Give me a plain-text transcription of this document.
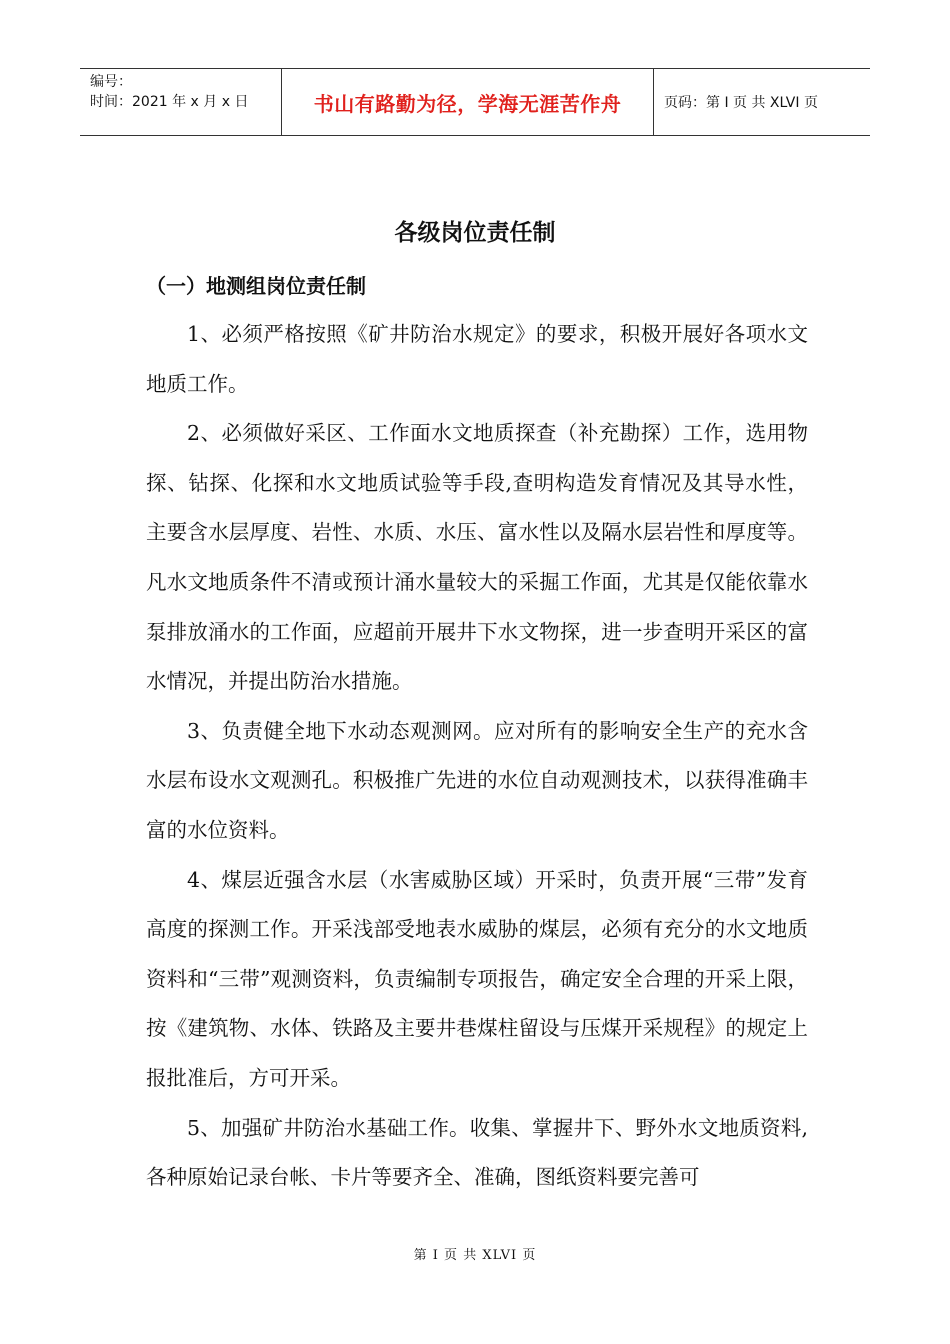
编号：
时间：2021 年 x 月 x 日	书山有路勤为径，学海无涯苦作舟	页码：第 I 页 共 XLVI 页
各级岗位责任制
（一）地测组岗位责任制

1、必须严格按照《矿井防治水规定》的要求，积极开展好各项水文地质工作。

2、必须做好采区、工作面水文地质探查（补充勘探）工作，选用物探、钻探、化探和水文地质试验等手段,查明构造发育情况及其导水性，主要含水层厚度、岩性、水质、水压、富水性以及隔水层岩性和厚度等。凡水文地质条件不清或预计涌水量较大的采掘工作面，尤其是仅能依靠水泵排放涌水的工作面，应超前开展井下水文物探，进一步查明开采区的富水情况，并提出防治水措施。

3、负责健全地下水动态观测网。应对所有的影响安全生产的充水含水层布设水文观测孔。积极推广先进的水位自动观测技术，以获得准确丰富的水位资料。

4、煤层近强含水层（水害威胁区域）开采时，负责开展“三带”发育高度的探测工作。开采浅部受地表水威胁的煤层，必须有充分的水文地质资料和“三带”观测资料，负责编制专项报告，确定安全合理的开采上限，按《建筑物、水体、铁路及主要井巷煤柱留设与压煤开采规程》的规定上报批准后，方可开采。

5、加强矿井防治水基础工作。收集、掌握井下、野外水文地质资料,各种原始记录台帐、卡片等要齐全、准确，图纸资料要完善可

第 I 页 共 XLVI 页
